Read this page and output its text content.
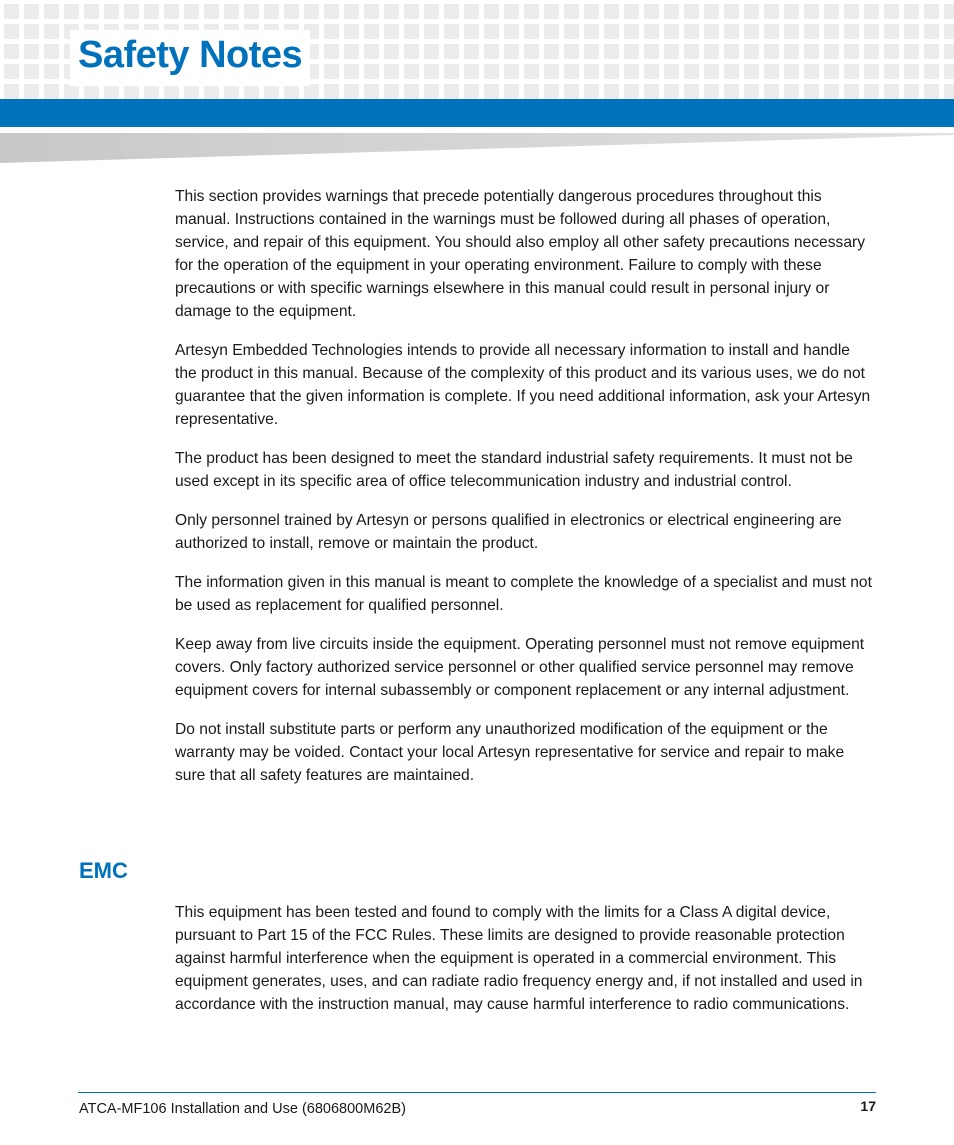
Safety Notes

This section provides warnings that precede potentially dangerous procedures throughout this manual. Instructions contained in the warnings must be followed during all phases of operation, service, and repair of this equipment. You should also employ all other safety precautions necessary for the operation of the equipment in your operating environment. Failure to comply with these precautions or with specific warnings elsewhere in this manual could result in personal injury or damage to the equipment.

Artesyn Embedded Technologies intends to provide all necessary information to install and handle the product in this manual. Because of the complexity of this product and its various uses, we do not guarantee that the given information is complete. If you need additional information, ask your Artesyn representative.

The product has been designed to meet the standard industrial safety requirements. It must not be used except in its specific area of office telecommunication industry and industrial control.

Only personnel trained by Artesyn or persons qualified in electronics or electrical engineering are authorized to install, remove or maintain the product.

The information given in this manual is meant to complete the knowledge of a specialist and must not be used as replacement for qualified personnel.

Keep away from live circuits inside the equipment. Operating personnel must not remove equipment covers. Only factory authorized service personnel or other qualified service personnel may remove equipment covers for internal subassembly or component replacement or any internal adjustment.

Do not install substitute parts or perform any unauthorized modification of the equipment or the warranty may be voided. Contact your local Artesyn representative for service and repair to make sure that all safety features are maintained.

EMC

This equipment has been tested and found to comply with the limits for a Class A digital device, pursuant to Part 15 of the FCC Rules. These limits are designed to provide reasonable protection against harmful interference when the equipment is operated in a commercial environment. This equipment generates, uses, and can radiate radio frequency energy and, if not installed and used in accordance with the instruction manual, may cause harmful interference to radio communications.

ATCA-MF106 Installation and Use (6806800M62B)	17
